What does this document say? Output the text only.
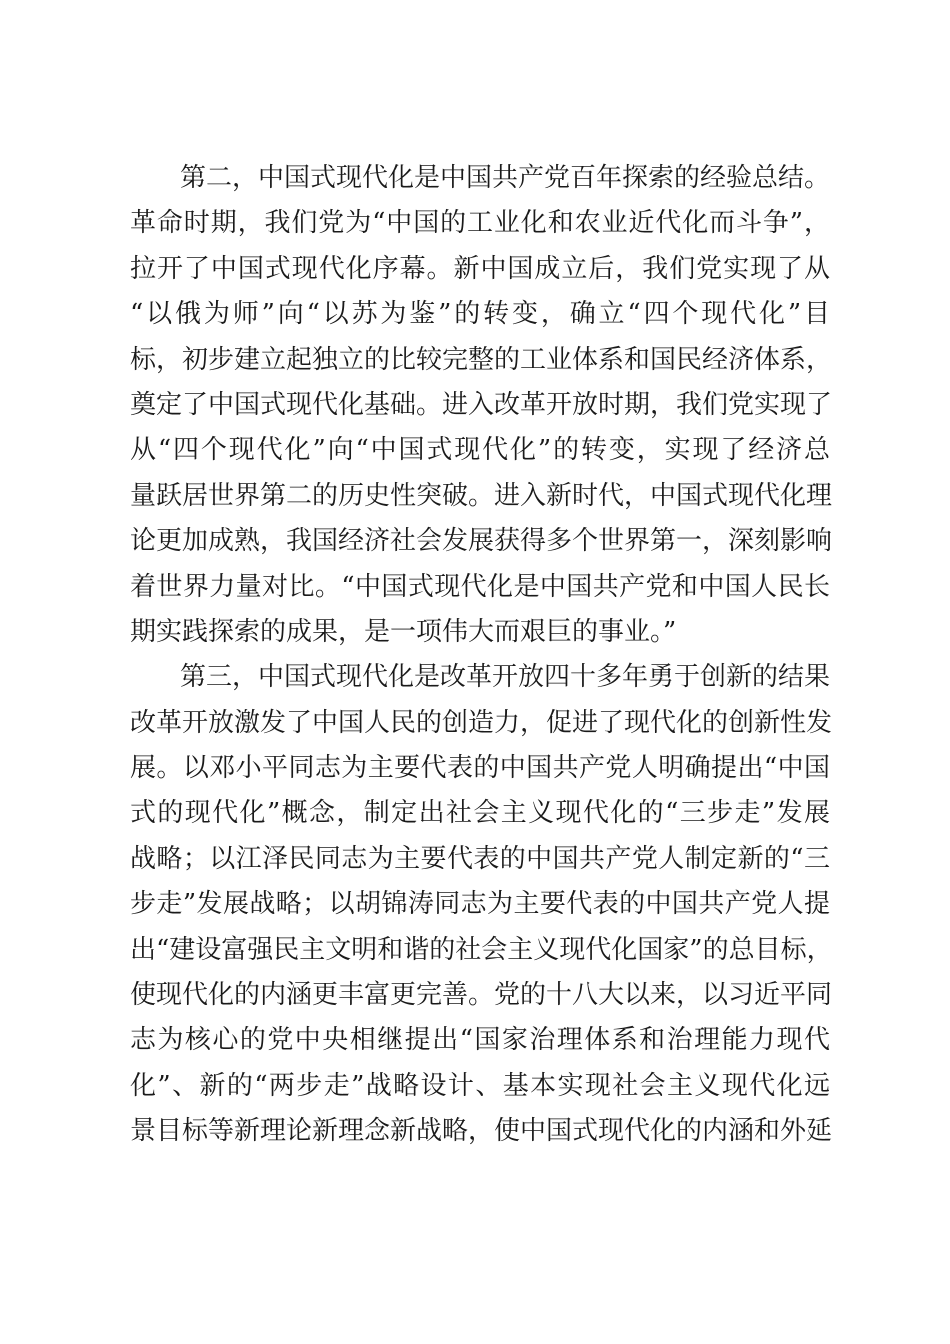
第二，中国式现代化是中国共产党百年探索的经验总结。
革命时期，我们党为“中国的工业化和农业近代化而斗争”，
拉开了中国式现代化序幕。新中国成立后，我们党实现了从
“以俄为师”向“以苏为鉴”的转变，确立“四个现代化”目
标，初步建立起独立的比较完整的工业体系和国民经济体系，
奠定了中国式现代化基础。进入改革开放时期，我们党实现了
从“四个现代化”向“中国式现代化”的转变，实现了经济总
量跃居世界第二的历史性突破。进入新时代，中国式现代化理
论更加成熟，我国经济社会发展获得多个世界第一，深刻影响
着世界力量对比。“中国式现代化是中国共产党和中国人民长
期实践探索的成果，是一项伟大而艰巨的事业。”
第三，中国式现代化是改革开放四十多年勇于创新的结果
改革开放激发了中国人民的创造力，促进了现代化的创新性发
展。以邓小平同志为主要代表的中国共产党人明确提出“中国
式的现代化”概念，制定出社会主义现代化的“三步走”发展
战略；以江泽民同志为主要代表的中国共产党人制定新的“三
步走”发展战略；以胡锦涛同志为主要代表的中国共产党人提
出“建设富强民主文明和谐的社会主义现代化国家”的总目标，
使现代化的内涵更丰富更完善。党的十八大以来，以习近平同
志为核心的党中央相继提出“国家治理体系和治理能力现代
化”、新的“两步走”战略设计、基本实现社会主义现代化远
景目标等新理论新理念新战略，使中国式现代化的内涵和外延
